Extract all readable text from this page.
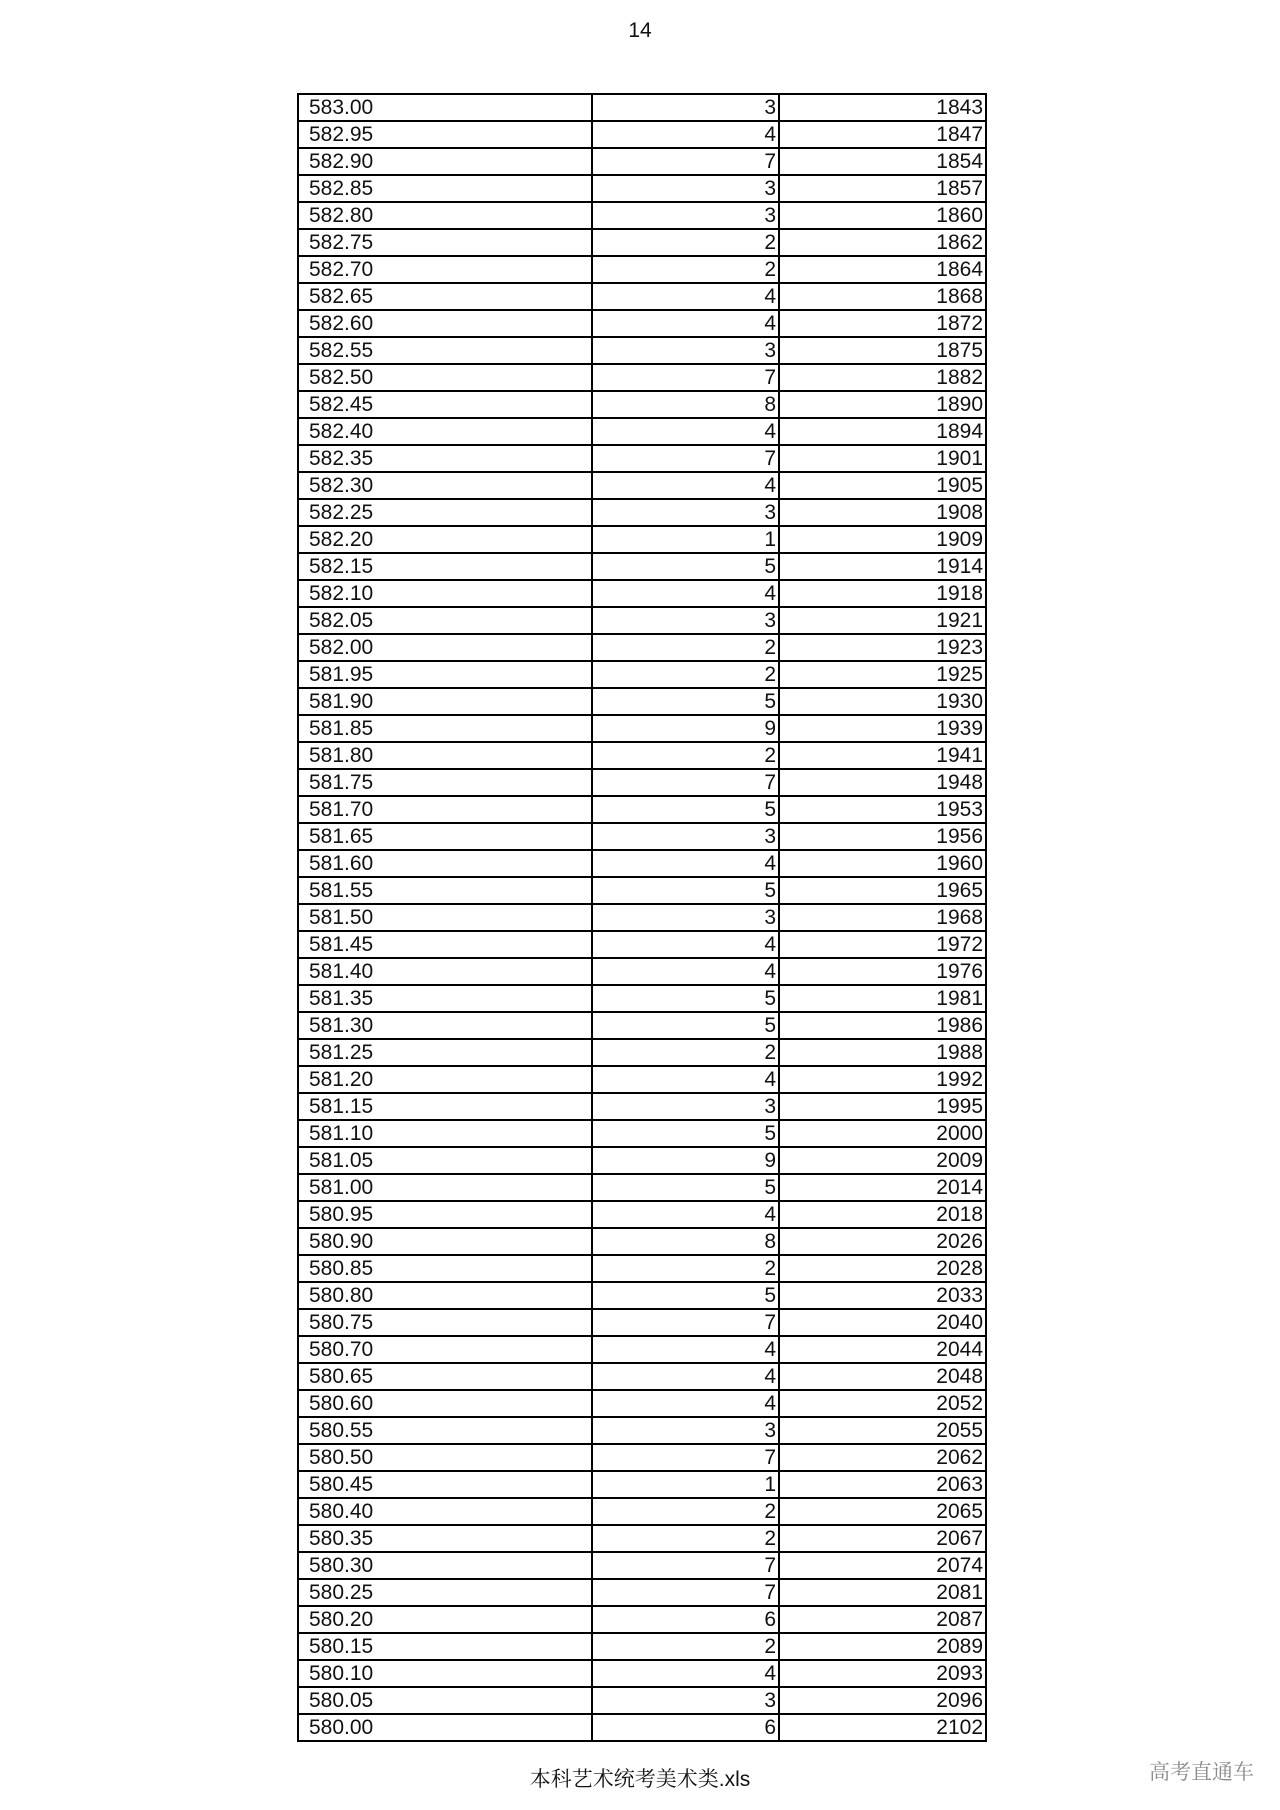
14
583.00	3	1843
582.95	4	1847
582.90	7	1854
582.85	3	1857
582.80	3	1860
582.75	2	1862
582.70	2	1864
582.65	4	1868
582.60	4	1872
582.55	3	1875
582.50	7	1882
582.45	8	1890
582.40	4	1894
582.35	7	1901
582.30	4	1905
582.25	3	1908
582.20	1	1909
582.15	5	1914
582.10	4	1918
582.05	3	1921
582.00	2	1923
581.95	2	1925
581.90	5	1930
581.85	9	1939
581.80	2	1941
581.75	7	1948
581.70	5	1953
581.65	3	1956
581.60	4	1960
581.55	5	1965
581.50	3	1968
581.45	4	1972
581.40	4	1976
581.35	5	1981
581.30	5	1986
581.25	2	1988
581.20	4	1992
581.15	3	1995
581.10	5	2000
581.05	9	2009
581.00	5	2014
580.95	4	2018
580.90	8	2026
580.85	2	2028
580.80	5	2033
580.75	7	2040
580.70	4	2044
580.65	4	2048
580.60	4	2052
580.55	3	2055
580.50	7	2062
580.45	1	2063
580.40	2	2065
580.35	2	2067
580.30	7	2074
580.25	7	2081
580.20	6	2087
580.15	2	2089
580.10	4	2093
580.05	3	2096
580.00	6	2102
本科艺术统考美术类.xls	高考直通车
